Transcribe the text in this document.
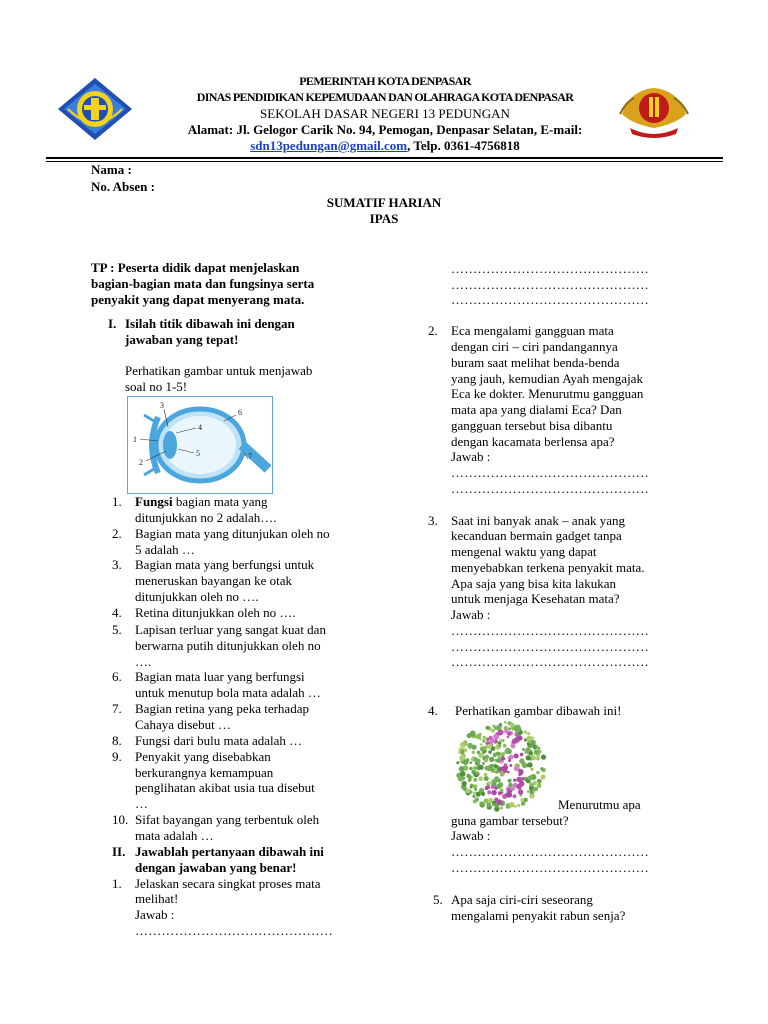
PEMERINTAH KOTA DENPASAR
DINAS PENDIDIKAN KEPEMUDAAN DAN OLAHRAGA KOTA DENPASAR
SEKOLAH DASAR NEGERI 13 PEDUNGAN
Alamat: Jl. Gelogor Carik No. 94, Pemogan, Denpasar Selatan, E-mail:
sdn13pedungan@gmail.com, Telp. 0361-4756818
Nama :
No. Absen :
SUMATIF HARIAN
IPAS
TP : Peserta didik dapat menjelaskan
bagian-bagian mata dan fungsinya serta
penyakit yang dapat menyerang mata.
I. Isilah titik dibawah ini dengan
jawaban yang tepat!
Perhatikan gambar untuk menjawab
soal no 1-5!
1
2
3
4
5
6
7
1. Fungsi bagian mata yang
ditunjukkan no 2 adalah….
2. Bagian mata yang ditunjukan oleh no
5 adalah …
3. Bagian mata yang berfungsi untuk
meneruskan bayangan ke otak
ditunjukkan oleh no ….
4. Retina ditunjukkan oleh no ….
5. Lapisan terluar yang sangat kuat dan
berwarna putih ditunjukkan oleh no
….
6. Bagian mata luar yang berfungsi
untuk menutup bola mata adalah …
7. Bagian retina yang peka terhadap
Cahaya disebut …
8. Fungsi dari bulu mata adalah …
9. Penyakit yang disebabkan
berkurangnya kemampuan
penglihatan akibat usia tua disebut
…
10. Sifat bayangan yang terbentuk oleh
mata adalah …
II. Jawablah pertanyaan dibawah ini
dengan jawaban yang benar!
1. Jelaskan secara singkat proses mata
melihat!
Jawab :
………………………………………
………………………………………
………………………………………
………………………………………
2. Eca mengalami gangguan mata
dengan ciri – ciri pandangannya
buram saat melihat benda-benda
yang jauh, kemudian Ayah mengajak
Eca ke dokter. Menurutmu gangguan
mata apa yang dialami Eca? Dan
gangguan tersebut bisa dibantu
dengan kacamata berlensa apa?
Jawab :
………………………………………
………………………………………
3. Saat ini banyak anak – anak yang
kecanduan bermain gadget tanpa
mengenal waktu yang dapat
menyebabkan terkena penyakit mata.
Apa saja yang bisa kita lakukan
untuk menjaga Kesehatan mata?
Jawab :
………………………………………
………………………………………
………………………………………
4. Perhatikan gambar dibawah ini!
Menurutmu apa
guna gambar tersebut?
Jawab :
………………………………………
………………………………………
5. Apa saja ciri-ciri seseorang
mengalami penyakit rabun senja?
